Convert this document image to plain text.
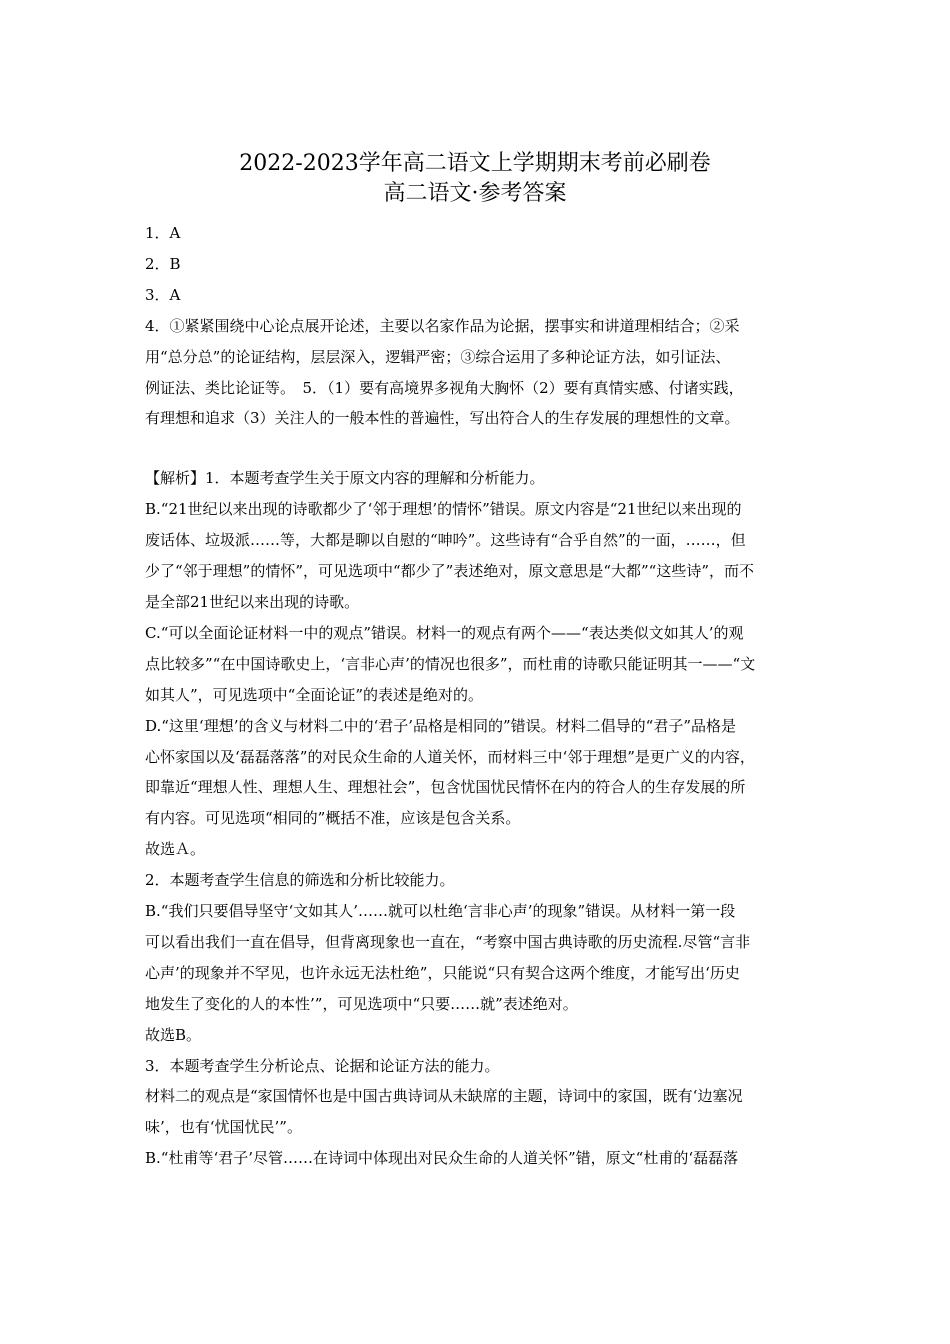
2022-2023学年高二语文上学期期末考前必刷卷
高二语文·参考答案

1．A

2．B

3．A

4．①紧紧围绕中心论点展开论述，主要以名家作品为论据，摆事实和讲道理相结合；②采

用“总分总”的论证结构，层层深入，逻辑严密；③综合运用了多种论证方法，如引证法、

例证法、类比论证等。　5．（1）要有高境界多视角大胸怀（2）要有真情实感、付诸实践，

有理想和追求（3）关注人的一般本性的普遍性，写出符合人的生存发展的理想性的文章。

【解析】1．本题考查学生关于原文内容的理解和分析能力。

B.“21世纪以来出现的诗歌都少了‘邻于理想’的情怀”错误。原文内容是“21世纪以来出现的

废话体、垃圾派……等，大都是聊以自慰的“呻吟”。这些诗有“合乎自然”的一面，……，但

少了“邻于理想”的情怀”，可见选项中“都少了”表述绝对，原文意思是“大都”“这些诗”，而不

是全部21世纪以来出现的诗歌。

C.“可以全面论证材料一中的观点”错误。材料一的观点有两个——“表达类似文如其人’的观

点比较多”“在中国诗歌史上，‘言非心声’的情况也很多”，而杜甫的诗歌只能证明其一——“文

如其人”，可见选项中“全面论证”的表述是绝对的。

D.“这里‘理想’的含义与材料二中的‘君子’品格是相同的”错误。材料二倡导的“君子”品格是

心怀家国以及‘磊磊落落”的对民众生命的人道关怀，而材料三中‘邻于理想”是更广义的内容，

即靠近“理想人性、理想人生、理想社会”，包含忧国忧民情怀在内的符合人的生存发展的所

有内容。可见选项“相同的”概括不准，应该是包含关系。

故选Ａ。

2．本题考查学生信息的筛选和分析比较能力。

B.“我们只要倡导坚守‘文如其人’……就可以杜绝‘言非心声’的现象”错误。从材料一第一段

可以看出我们一直在倡导，但背离现象也一直在，“考察中国古典诗歌的历史流程.尽管“言非

心声’的现象并不罕见，也许永远无法杜绝”，只能说“只有契合这两个维度，才能写出‘历史

地发生了变化的人的本性’”，可见选项中“只要……就”表述绝对。

故选B。

3．本题考查学生分析论点、论据和论证方法的能力。

材料二的观点是“家国情怀也是中国古典诗词从未缺席的主题，诗词中的家国，既有‘边塞况

味’，也有‘忧国忧民’”。

B.“杜甫等‘君子’尽管……在诗词中体现出对民众生命的人道关怀”错，原文“杜甫的‘磊磊落
